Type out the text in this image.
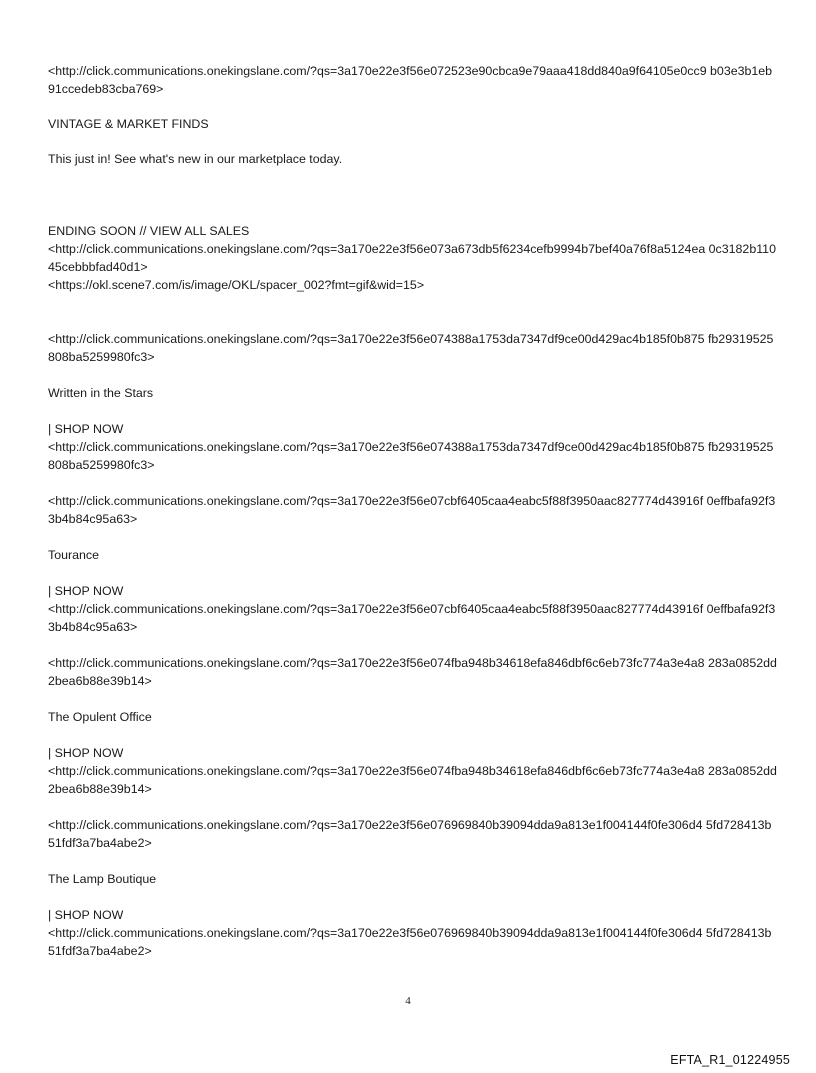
<http://click.communications.onekingslane.com/?qs=3a170e22e3f56e072523e90cbca9e79aaa418dd840a9f64105e0cc9 b03e3b1eb91ccedeb83cba769>

VINTAGE & MARKET FINDS

This just in! See what's new in our marketplace today.

ENDING SOON // VIEW ALL SALES

<http://click.communications.onekingslane.com/?qs=3a170e22e3f56e073a673db5f6234cefb9994b7bef40a76f8a5124ea 0c3182b11045cebbbfad40d1>

<https://okl.scene7.com/is/image/OKL/spacer_002?fmt=gif&wid=15>

<http://click.communications.onekingslane.com/?qs=3a170e22e3f56e074388a1753da7347df9ce00d429ac4b185f0b875 fb29319525808ba5259980fc3>

Written in the Stars

| SHOP NOW

<http://click.communications.onekingslane.com/?qs=3a170e22e3f56e074388a1753da7347df9ce00d429ac4b185f0b875 fb29319525808ba5259980fc3>

<http://click.communications.onekingslane.com/?qs=3a170e22e3f56e07cbf6405caa4eabc5f88f3950aac827774d43916f 0effbafa92f33b4b84c95a63>

Tourance

| SHOP NOW

<http://click.communications.onekingslane.com/?qs=3a170e22e3f56e07cbf6405caa4eabc5f88f3950aac827774d43916f 0effbafa92f33b4b84c95a63>

<http://click.communications.onekingslane.com/?qs=3a170e22e3f56e074fba948b34618efa846dbf6c6eb73fc774a3e4a8 283a0852dd2bea6b88e39b14>

The Opulent Office

| SHOP NOW

<http://click.communications.onekingslane.com/?qs=3a170e22e3f56e074fba948b34618efa846dbf6c6eb73fc774a3e4a8 283a0852dd2bea6b88e39b14>

<http://click.communications.onekingslane.com/?qs=3a170e22e3f56e076969840b39094dda9a813e1f004144f0fe306d4 5fd728413b51fdf3a7ba4abe2>

The Lamp Boutique

| SHOP NOW

<http://click.communications.onekingslane.com/?qs=3a170e22e3f56e076969840b39094dda9a813e1f004144f0fe306d4 5fd728413b51fdf3a7ba4abe2>

4
EFTA_R1_01224955
